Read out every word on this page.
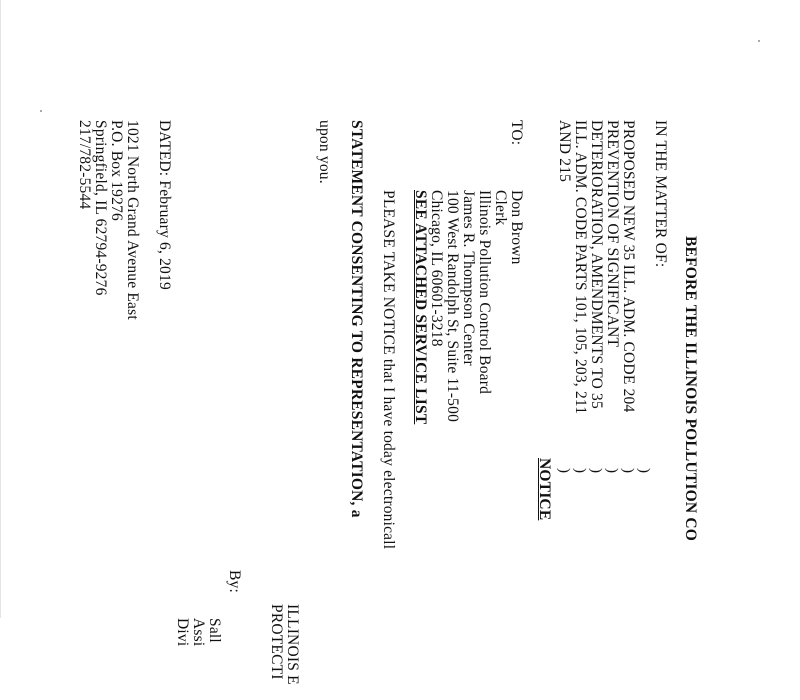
BEFORE THE ILLINOIS POLLUTION CO
IN THE MATTER OF:
PROPOSED NEW 35 ILL. ADM. CODE 204
PREVENTION OF SIGNIFICANT
DETERIORATION, AMENDMENTS TO 35
ILL. ADM. CODE PARTS 101, 105, 203, 211
AND 215
)
)
)
)
)
)
NOTICE
TO:
Don Brown
Clerk
Illinois Pollution Control Board
James R. Thompson Center
100 West Randolph St, Suite 11-500
Chicago, IL 60601-3218
SEE ATTACHED SERVICE LIST
PLEASE TAKE NOTICE that I have today electronicall
STATEMENT CONSENTING TO REPRESENTATION, a
upon you.
ILLINOIS E
PROTECTI
By:
Sall
Assi
Divi
DATED: February 6, 2019
1021 North Grand Avenue East
P.O. Box 19276
Springfield, IL 62794-9276
217/782-5544
